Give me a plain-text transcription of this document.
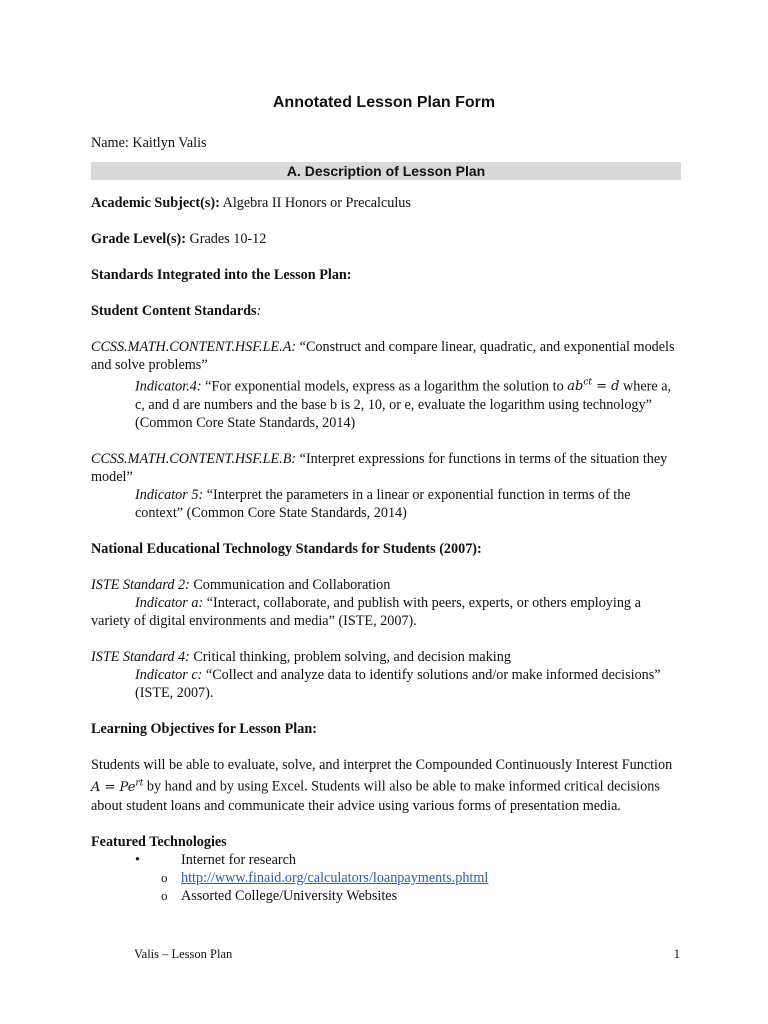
Annotated Lesson Plan Form

Name: Kaitlyn Valis

A. Description of Lesson Plan

Academic Subject(s): Algebra II Honors or Precalculus

Grade Level(s): Grades 10-12

Standards Integrated into the Lesson Plan:

Student Content Standards:

CCSS.MATH.CONTENT.HSF.LE.A: “Construct and compare linear, quadratic, and exponential models and solve problems”

Indicator.4: “For exponential models, express as a logarithm the solution to $ab^{ct} = d$ where a, c, and d are numbers and the base b is 2, 10, or e, evaluate the logarithm using technology” (Common Core State Standards, 2014)

CCSS.MATH.CONTENT.HSF.LE.B: “Interpret expressions for functions in terms of the situation they model”

Indicator 5: “Interpret the parameters in a linear or exponential function in terms of the context” (Common Core State Standards, 2014)

National Educational Technology Standards for Students (2007):

ISTE Standard 2: Communication and Collaboration

Indicator a: “Interact, collaborate, and publish with peers, experts, or others employing a variety of digital environments and media” (ISTE, 2007).

ISTE Standard 4: Critical thinking, problem solving, and decision making

Indicator c: “Collect and analyze data to identify solutions and/or make informed decisions” (ISTE, 2007).

Learning Objectives for Lesson Plan:

Students will be able to evaluate, solve, and interpret the Compounded Continuously Interest Function $A = Pe^{rt}$ by hand and by using Excel. Students will also be able to make informed critical decisions about student loans and communicate their advice using various forms of presentation media.

Featured Technologies

•	Internet for research
o http://www.finaid.org/calculators/loanpayments.phtml
o Assorted College/University Websites
Valis – Lesson Plan	1
